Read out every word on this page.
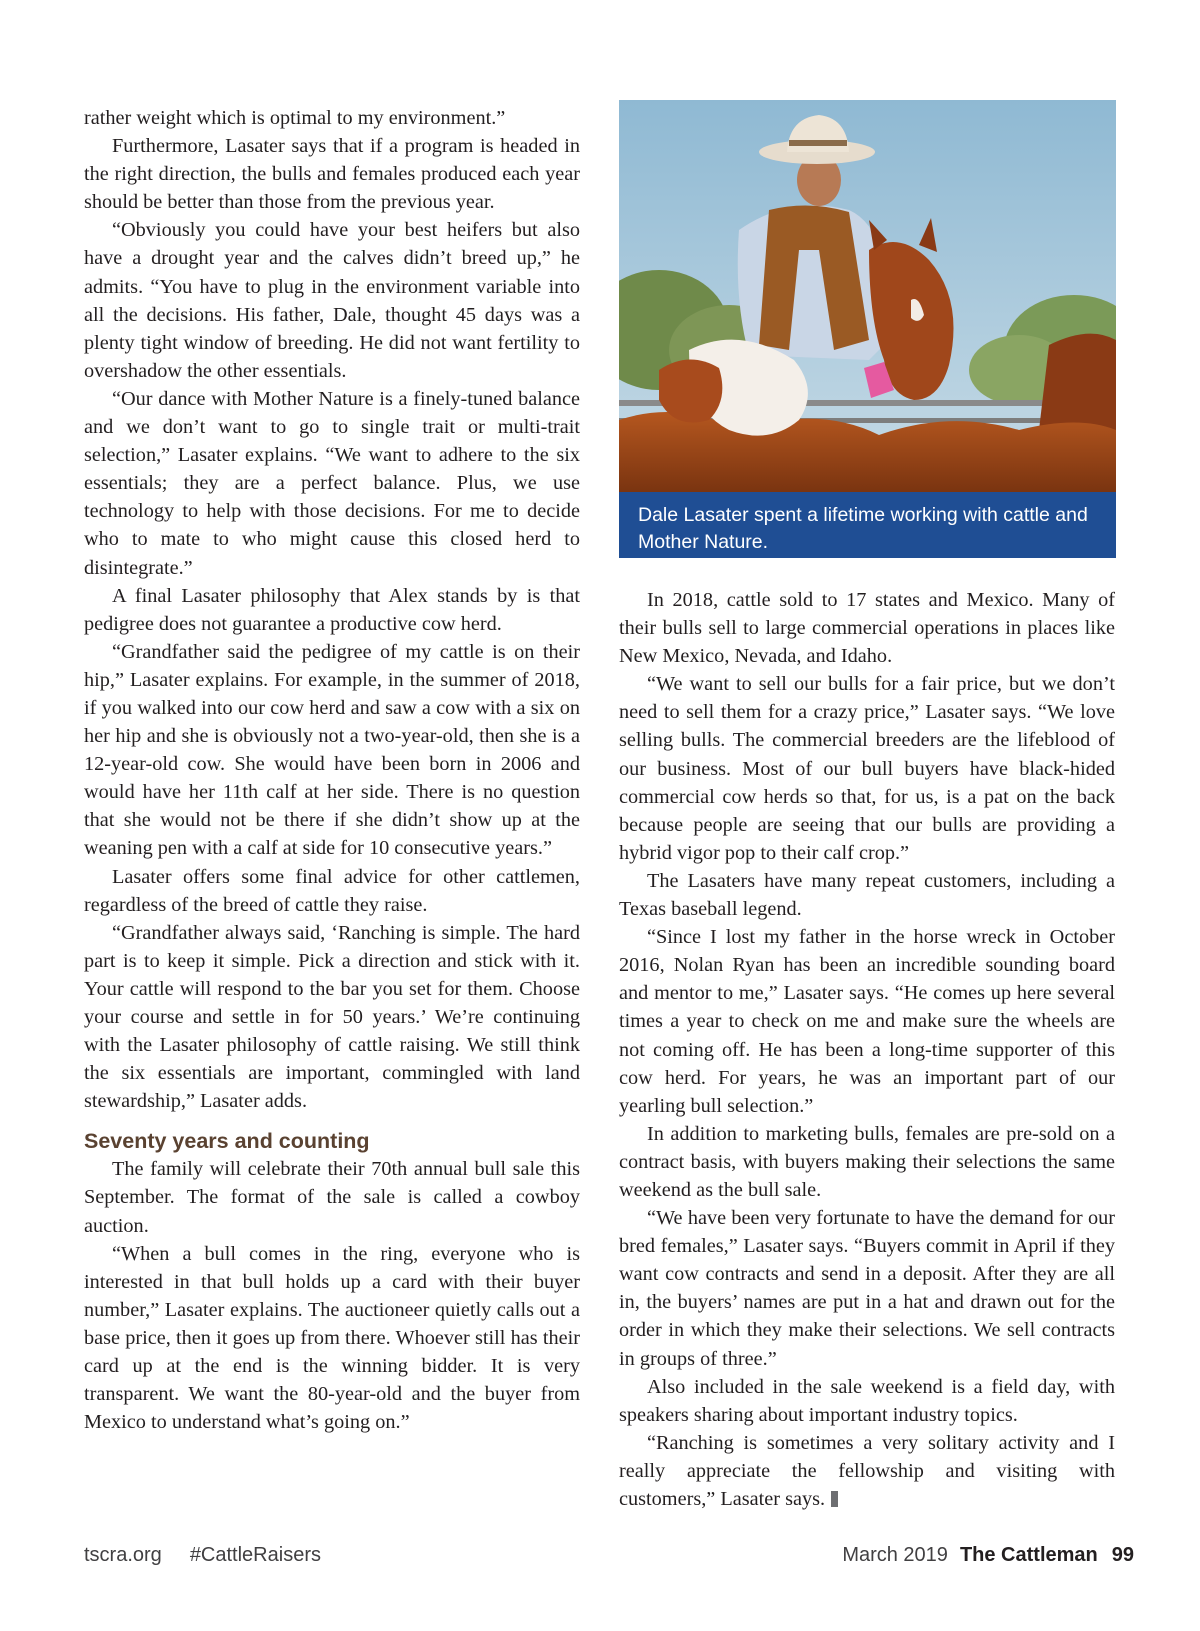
rather weight which is optimal to my environment.”

Furthermore, Lasater says that if a program is headed in the right direction, the bulls and females produced each year should be better than those from the previous year.

“Obviously you could have your best heifers but also have a drought year and the calves didn’t breed up,” he admits. “You have to plug in the environment variable into all the decisions. His father, Dale, thought 45 days was a plenty tight window of breeding. He did not want fertility to overshadow the other essentials.

“Our dance with Mother Nature is a finely-tuned balance and we don’t want to go to single trait or multi-trait selection,” Lasater explains. “We want to adhere to the six essentials; they are a perfect balance. Plus, we use technology to help with those decisions. For me to decide who to mate to who might cause this closed herd to disintegrate.”

A final Lasater philosophy that Alex stands by is that pedigree does not guarantee a productive cow herd.

“Grandfather said the pedigree of my cattle is on their hip,” Lasater explains. For example, in the summer of 2018, if you walked into our cow herd and saw a cow with a six on her hip and she is obviously not a two-year-old, then she is a 12-year-old cow. She would have been born in 2006 and would have her 11th calf at her side. There is no question that she would not be there if she didn’t show up at the weaning pen with a calf at side for 10 consecutive years.”

Lasater offers some final advice for other cattlemen, regardless of the breed of cattle they raise.

“Grandfather always said, ‘Ranching is simple. The hard part is to keep it simple. Pick a direction and stick with it. Your cattle will respond to the bar you set for them. Choose your course and settle in for 50 years.’ We’re continuing with the Lasater philosophy of cattle raising. We still think the six essentials are important, commingled with land stewardship,” Lasater adds.

Seventy years and counting

The family will celebrate their 70th annual bull sale this September. The format of the sale is called a cowboy auction.

“When a bull comes in the ring, everyone who is interested in that bull holds up a card with their buyer number,” Lasater explains. The auctioneer quietly calls out a base price, then it goes up from there. Whoever still has their card up at the end is the winning bidder. It is very transparent. We want the 80-year-old and the buyer from Mexico to understand what’s going on.”

Dale Lasater spent a lifetime working with cattle and Mother Nature.

In 2018, cattle sold to 17 states and Mexico. Many of their bulls sell to large commercial operations in places like New Mexico, Nevada, and Idaho.

“We want to sell our bulls for a fair price, but we don’t need to sell them for a crazy price,” Lasater says. “We love selling bulls. The commercial breeders are the lifeblood of our business. Most of our bull buyers have black-hided commercial cow herds so that, for us, is a pat on the back because people are seeing that our bulls are providing a hybrid vigor pop to their calf crop.”

The Lasaters have many repeat customers, including a Texas baseball legend.

“Since I lost my father in the horse wreck in October 2016, Nolan Ryan has been an incredible sounding board and mentor to me,” Lasater says. “He comes up here several times a year to check on me and make sure the wheels are not coming off. He has been a long-time supporter of this cow herd. For years, he was an important part of our yearling bull selection.”

In addition to marketing bulls, females are pre-sold on a contract basis, with buyers making their selections the same weekend as the bull sale.

“We have been very fortunate to have the demand for our bred females,” Lasater says. “Buyers commit in April if they want cow contracts and send in a deposit. After they are all in, the buyers’ names are put in a hat and drawn out for the order in which they make their selections. We sell contracts in groups of three.”

Also included in the sale weekend is a field day, with speakers sharing about important industry topics.

“Ranching is sometimes a very solitary activity and I really appreciate the fellowship and visiting with customers,” Lasater says.

tscra.org #CattleRaisers	March 2019 The Cattleman 99
